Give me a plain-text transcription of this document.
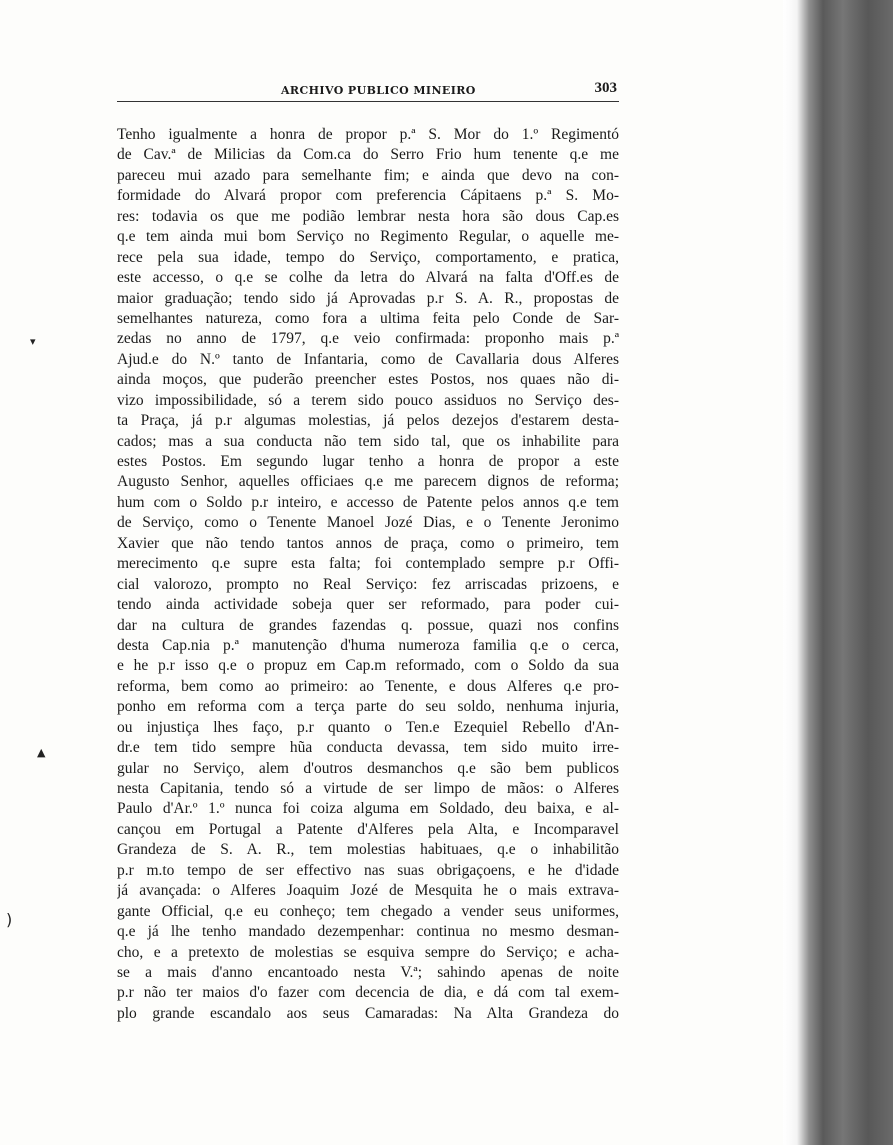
ARCHIVO PUBLICO MINEIRO	303
Tenho igualmente a honra de propor p.ª S. Mor do 1.º Regimentó
de Cav.ª de Milicias da Com.ca do Serro Frio hum tenente q.e me
pareceu mui azado para semelhante fim; e ainda que devo na con-
formidade do Alvará propor com preferencia Cápitaens p.ª S. Mo-
res: todavia os que me podião lembrar nesta hora são dous Cap.es
q.e tem ainda mui bom Serviço no Regimento Regular, o aquelle me-
rece pela sua idade, tempo do Serviço, comportamento, e pratica,
este accesso, o q.e se colhe da letra do Alvará na falta d'Off.es de
maior graduação; tendo sido já Aprovadas p.r S. A. R., propostas de
semelhantes natureza, como fora a ultima feita pelo Conde de Sar-
zedas no anno de 1797, q.e veio confirmada: proponho mais p.ª
Ajud.e do N.º tanto de Infantaria, como de Cavallaria dous Alferes
ainda moços, que puderão preencher estes Postos, nos quaes não di-
vizo impossibilidade, só a terem sido pouco assiduos no Serviço des-
ta Praça, já p.r algumas molestias, já pelos dezejos d'estarem desta-
cados; mas a sua conducta não tem sido tal, que os inhabilite para
estes Postos. Em segundo lugar tenho a honra de propor a este
Augusto Senhor, aquelles officiaes q.e me parecem dignos de reforma;
hum com o Soldo p.r inteiro, e accesso de Patente pelos annos q.e tem
de Serviço, como o Tenente Manoel Jozé Dias, e o Tenente Jeronimo
Xavier que não tendo tantos annos de praça, como o primeiro, tem
merecimento q.e supre esta falta; foi contemplado sempre p.r Offi-
cial valorozo, prompto no Real Serviço: fez arriscadas prizoens, e
tendo ainda actividade sobeja quer ser reformado, para poder cui-
dar na cultura de grandes fazendas q. possue, quazi nos confins
desta Cap.nia p.ª manutenção d'huma numeroza familia q.e o cerca,
e he p.r isso q.e o propuz em Cap.m reformado, com o Soldo da sua
reforma, bem como ao primeiro: ao Tenente, e dous Alferes q.e pro-
ponho em reforma com a terça parte do seu soldo, nenhuma injuria,
ou injustiça lhes faço, p.r quanto o Ten.e Ezequiel Rebello d'An-
dr.e tem tido sempre hũa conducta devassa, tem sido muito irre-
gular no Serviço, alem d'outros desmanchos q.e são bem publicos
nesta Capitania, tendo só a virtude de ser limpo de mãos: o Alferes
Paulo d'Ar.º 1.º nunca foi coiza alguma em Soldado, deu baixa, e al-
cançou em Portugal a Patente d'Alferes pela Alta, e Incomparavel
Grandeza de S. A. R., tem molestias habituaes, q.e o inhabilitão
p.r m.to tempo de ser effectivo nas suas obrigaçoens, e he d'idade
já avançada: o Alferes Joaquim Jozé de Mesquita he o mais extrava-
gante Official, q.e eu conheço; tem chegado a vender seus uniformes,
q.e já lhe tenho mandado dezempenhar: continua no mesmo desman-
cho, e a pretexto de molestias se esquiva sempre do Serviço; e acha-
se a mais d'anno encantoado nesta V.ª; sahindo apenas de noite
p.r não ter maios d'o fazer com decencia de dia, e dá com tal exem-
plo grande escandalo aos seus Camaradas: Na Alta Grandeza do
▾
▲
)
